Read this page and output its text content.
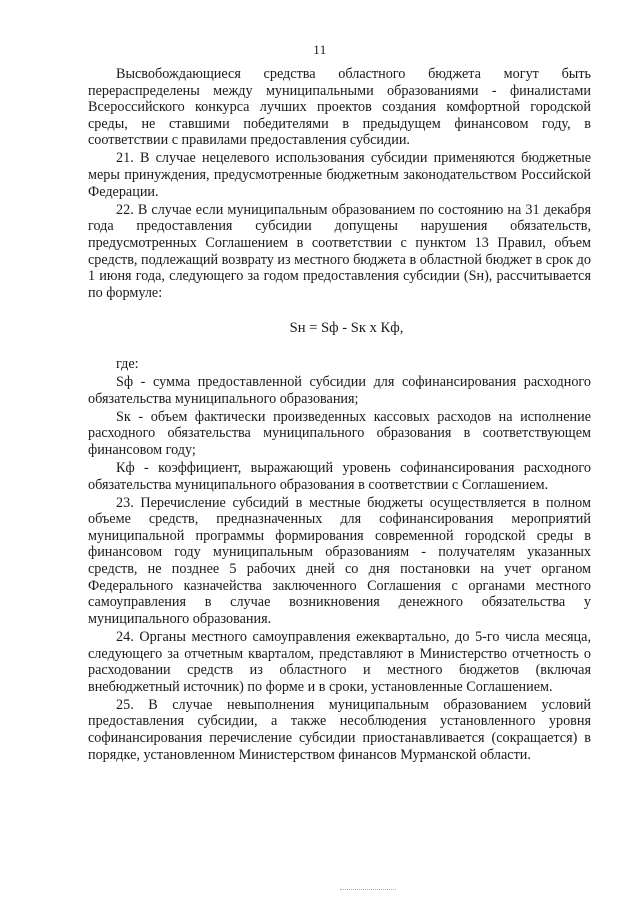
11

Высвобождающиеся средства областного бюджета могут быть перераспределены между муниципальными образованиями - финалистами Всероссийского конкурса лучших проектов создания комфортной городской среды, не ставшими победителями в предыдущем финансовом году, в соответствии с правилами предоставления субсидии.

21. В случае нецелевого использования субсидии применяются бюджетные меры принуждения, предусмотренные бюджетным законодательством Российской Федерации.

22. В случае если муниципальным образованием по состоянию на 31 декабря года предоставления субсидии допущены нарушения обязательств, предусмотренных Соглашением в соответствии с пунктом 13 Правил, объем средств, подлежащий возврату из местного бюджета в областной бюджет в срок до 1 июня года, следующего за годом предоставления субсидии (Sн), рассчитывается по формуле:

Sн = Sф - Sк х Кф,

где:

Sф - сумма предоставленной субсидии для софинансирования расходного обязательства муниципального образования;

Sк - объем фактически произведенных кассовых расходов на исполнение расходного обязательства муниципального образования в соответствующем финансовом году;

Кф - коэффициент, выражающий уровень софинансирования расходного обязательства муниципального образования в соответствии с Соглашением.

23. Перечисление субсидий в местные бюджеты осуществляется в полном объеме средств, предназначенных для софинансирования мероприятий муниципальной программы формирования современной городской среды в финансовом году муниципальным образованиям - получателям указанных средств, не позднее 5 рабочих дней со дня постановки на учет органом Федерального казначейства заключенного Соглашения с органами местного самоуправления в случае возникновения денежного обязательства у муниципального образования.

24. Органы местного самоуправления ежеквартально, до 5-го числа месяца, следующего за отчетным кварталом, представляют в Министерство отчетность о расходовании средств из областного и местного бюджетов (включая внебюджетный источник) по форме и в сроки, установленные Соглашением.

25. В случае невыполнения муниципальным образованием условий предоставления субсидии, а также несоблюдения установленного уровня софинансирования перечисление субсидии приостанавливается (сокращается) в порядке, установленном Министерством финансов Мурманской области.
